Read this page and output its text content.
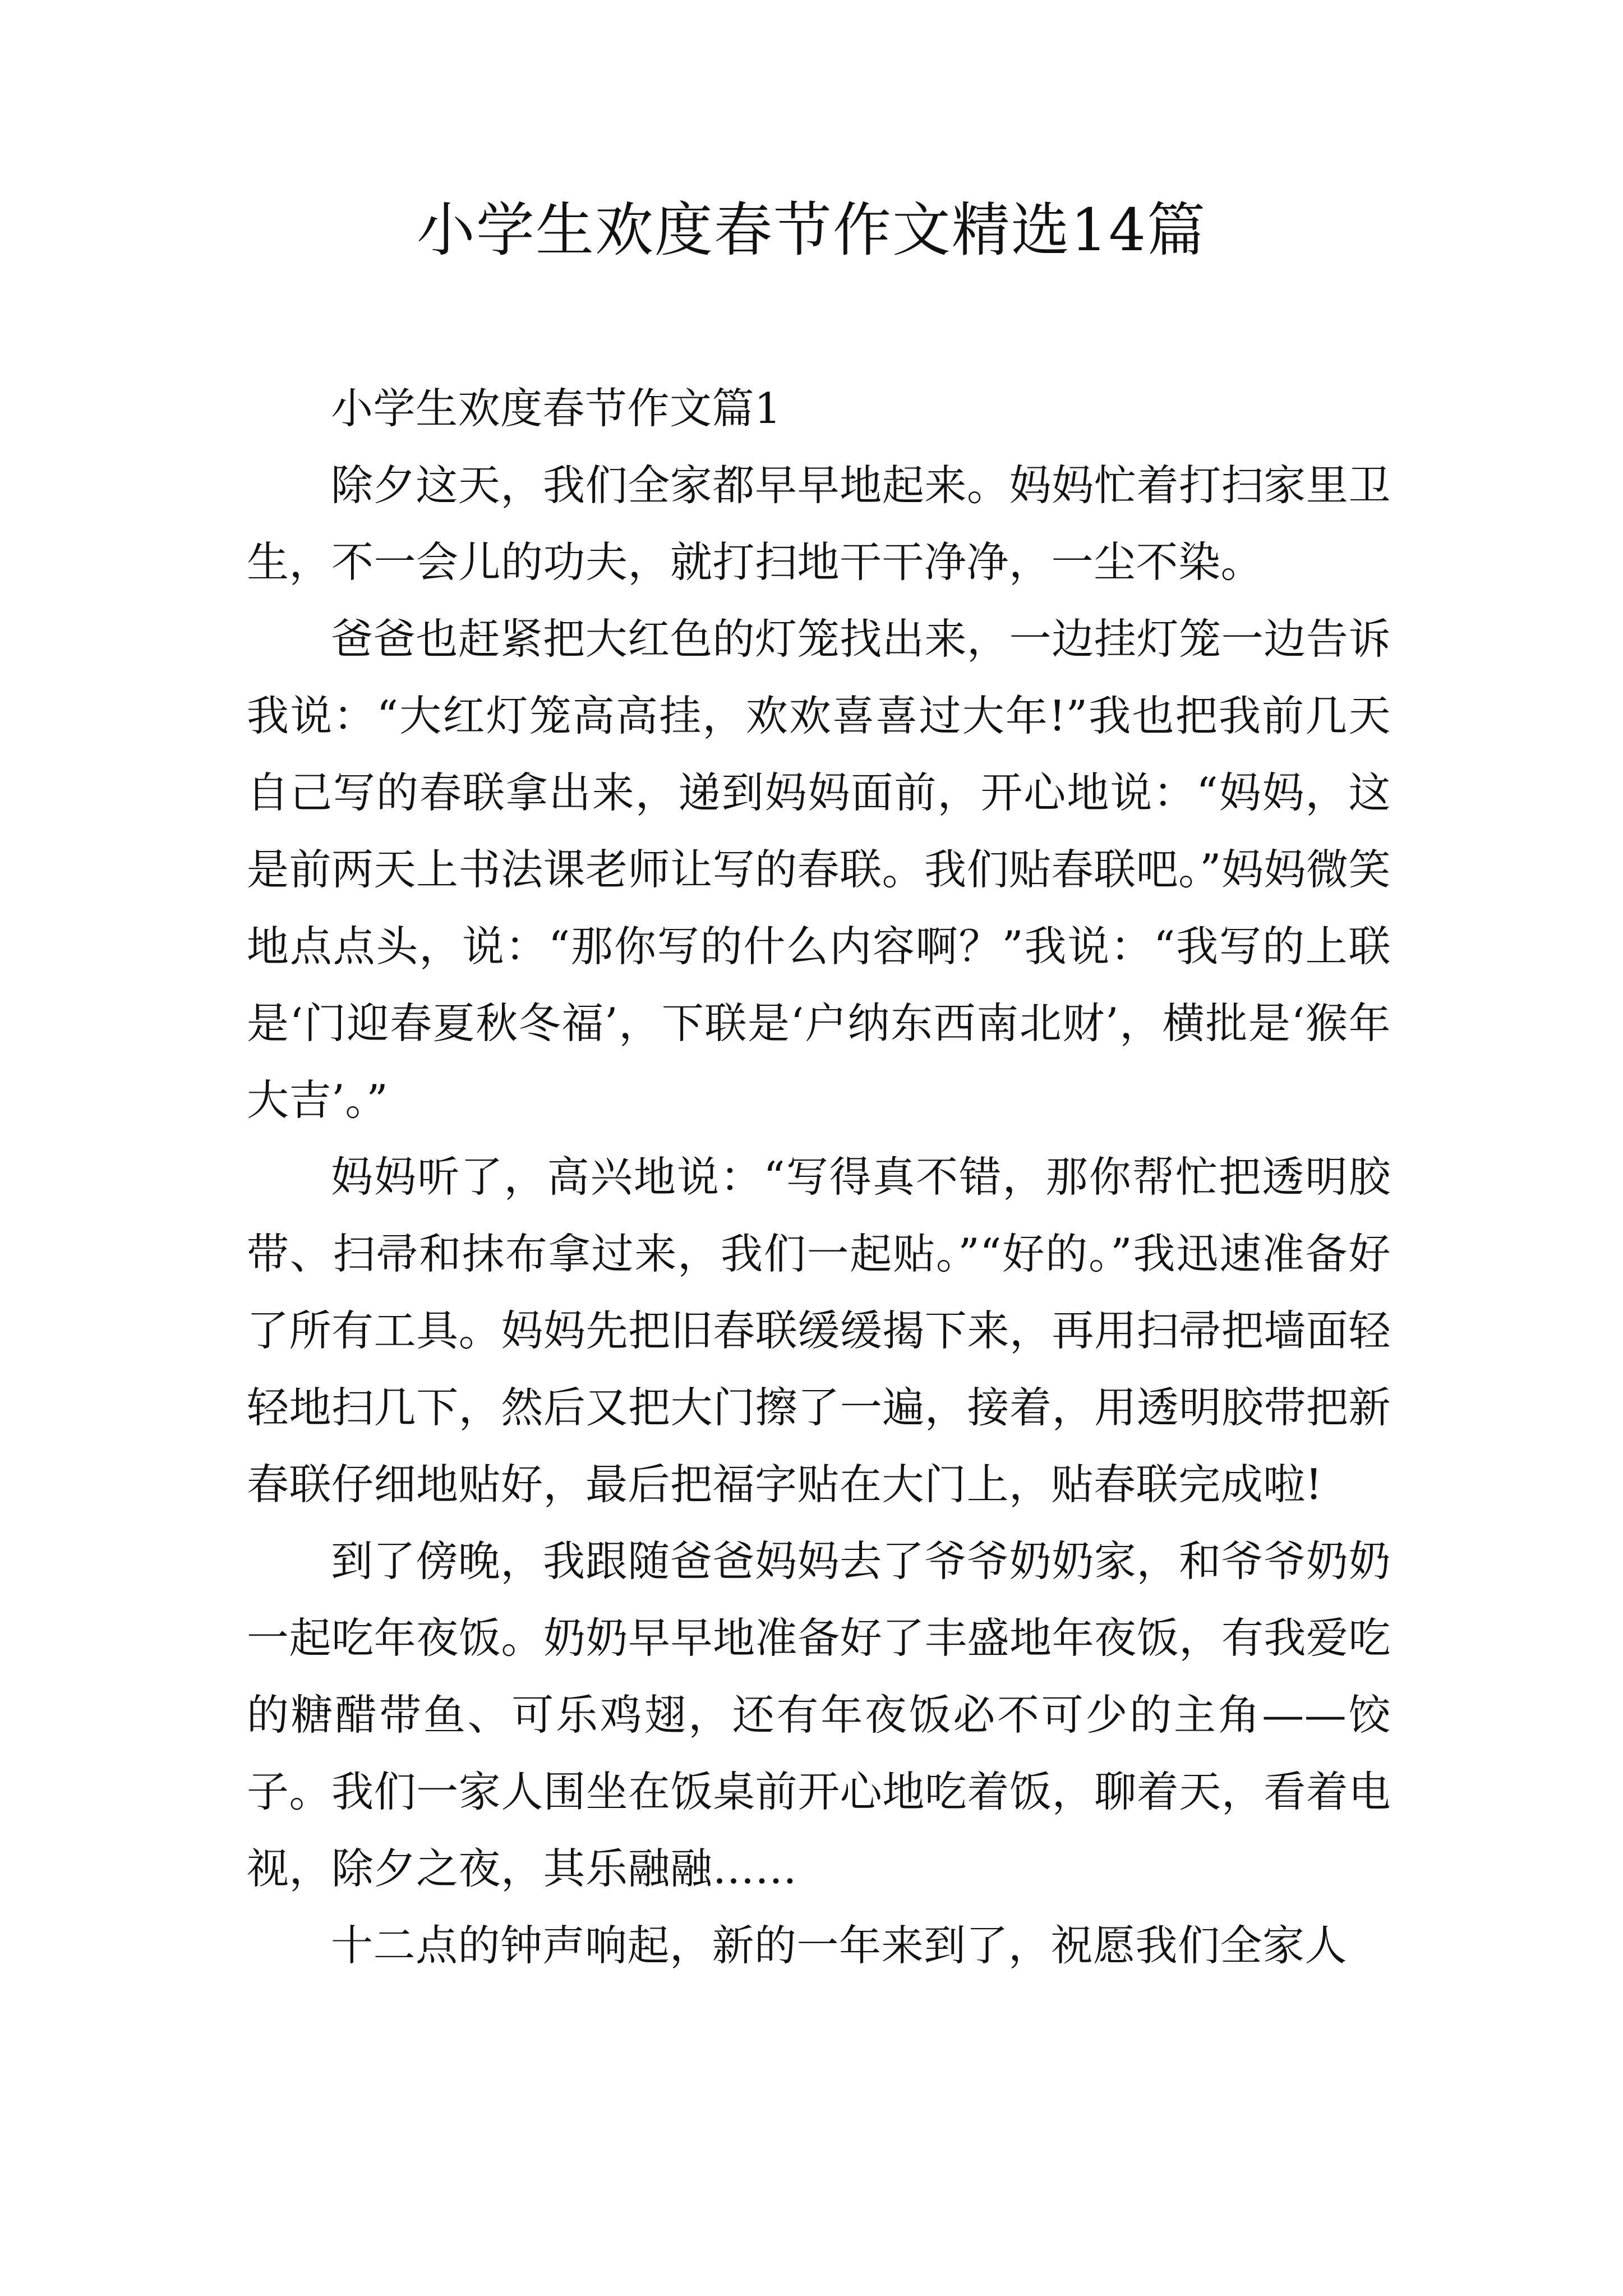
小学生欢度春节作文精选14篇

小学生欢度春节作文篇1

除夕这天，我们全家都早早地起来。妈妈忙着打扫家里卫生，不一会儿的功夫，就打扫地干干净净，一尘不染。

爸爸也赶紧把大红色的灯笼找出来，一边挂灯笼一边告诉我说：“大红灯笼高高挂，欢欢喜喜过大年!”我也把我前几天自己写的春联拿出来，递到妈妈面前，开心地说：“妈妈，这是前两天上书法课老师让写的春联。我们贴春联吧。”妈妈微笑地点点头，说：“那你写的什么内容啊？”我说：“我写的上联是‘门迎春夏秋冬福’，下联是‘户纳东西南北财’，横批是‘猴年大吉’。”

妈妈听了，高兴地说：“写得真不错，那你帮忙把透明胶带、扫帚和抹布拿过来，我们一起贴。”“好的。”我迅速准备好了所有工具。妈妈先把旧春联缓缓揭下来，再用扫帚把墙面轻轻地扫几下，然后又把大门擦了一遍，接着，用透明胶带把新春联仔细地贴好，最后把福字贴在大门上，贴春联完成啦!

到了傍晚，我跟随爸爸妈妈去了爷爷奶奶家，和爷爷奶奶一起吃年夜饭。奶奶早早地准备好了丰盛地年夜饭，有我爱吃的糖醋带鱼、可乐鸡翅，还有年夜饭必不可少的主角——饺子。我们一家人围坐在饭桌前开心地吃着饭，聊着天，看着电视，除夕之夜，其乐融融……

十二点的钟声响起，新的一年来到了，祝愿我们全家人
